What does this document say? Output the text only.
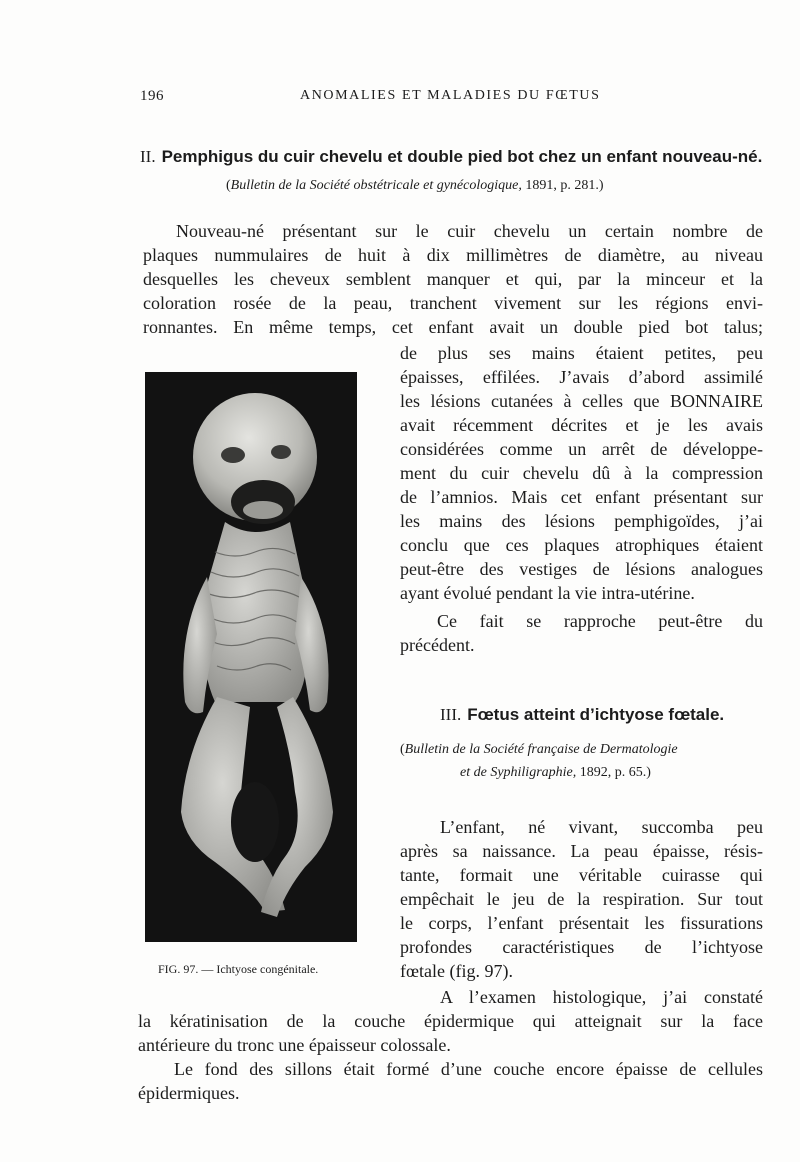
196	ANOMALIES ET MALADIES DU FŒTUS
II. Pemphigus du cuir chevelu et double pied bot chez un enfant nouveau-né.
(Bulletin de la Société obstétricale et gynécologique, 1891, p. 281.)
Nouveau-né présentant sur le cuir chevelu un certain nombre de
plaques nummulaires de huit à dix millimètres de diamètre, au niveau
desquelles les cheveux semblent manquer et qui, par la minceur et la
coloration rosée de la peau, tranchent vivement sur les régions envi-
ronnantes. En même temps, cet enfant avait un double pied bot talus;
de plus ses mains étaient petites, peu
épaisses, effilées. J’avais d’abord assimilé
les lésions cutanées à celles que BONNAIRE
avait récemment décrites et je les avais
considérées comme un arrêt de développe-
ment du cuir chevelu dû à la compression
de l’amnios. Mais cet enfant présentant sur
les mains des lésions pemphigoïdes, j’ai
conclu que ces plaques atrophiques étaient
peut-être des vestiges de lésions analogues
ayant évolué pendant la vie intra-utérine.
Ce fait se rapproche peut-être du
précédent.
III. Fœtus atteint d’ichtyose fœtale.
(Bulletin de la Société française de Dermatologie
et de Syphiligraphie, 1892, p. 65.)
L’enfant, né vivant, succomba peu
après sa naissance. La peau épaisse, résis-
tante, formait une véritable cuirasse qui
empêchait le jeu de la respiration. Sur tout
le corps, l’enfant présentait les fissurations
profondes caractéristiques de l’ichtyose
fœtale (fig. 97).
A l’examen histologique, j’ai constaté
la kératinisation de la couche épidermique qui atteignait sur la face
antérieure du tronc une épaisseur colossale.
Le fond des sillons était formé d’une couche encore épaisse de cellules
épidermiques.
FIG. 97. — Ichtyose congénitale.
